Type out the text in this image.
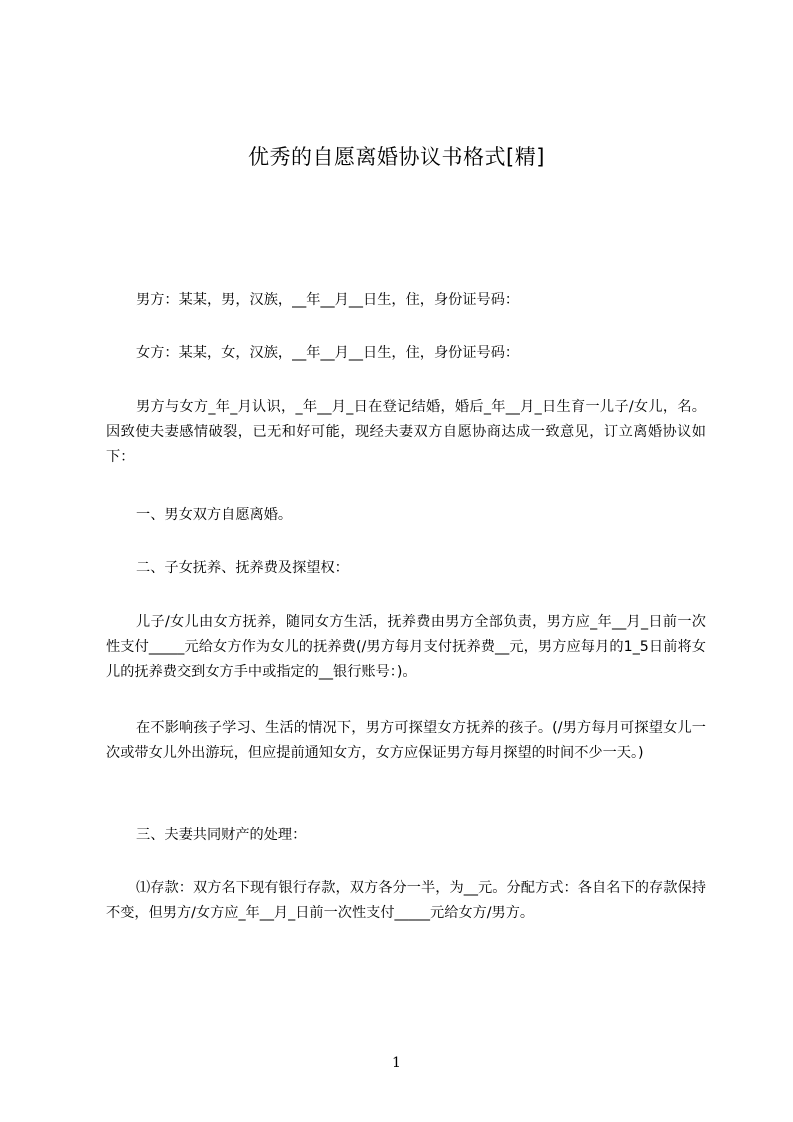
优秀的自愿离婚协议书格式[精]
男方：某某，男，汉族，__年__月__日生，住，身份证号码：
女方：某某，女，汉族，__年__月__日生，住，身份证号码：
男方与女方_年_月认识，_年__月_日在登记结婚，婚后_年__月_日生育一儿子/女儿，名。因致使夫妻感情破裂，已无和好可能，现经夫妻双方自愿协商达成一致意见，订立离婚协议如下：
一、男女双方自愿离婚。
二、子女抚养、抚养费及探望权：
儿子/女儿由女方抚养，随同女方生活，抚养费由男方全部负责，男方应_年__月_日前一次性支付_____元给女方作为女儿的抚养费(/男方每月支付抚养费__元，男方应每月的1_5日前将女儿的抚养费交到女方手中或指定的__银行账号：)。
在不影响孩子学习、生活的情况下，男方可探望女方抚养的孩子。(/男方每月可探望女儿一次或带女儿外出游玩，但应提前通知女方，女方应保证男方每月探望的时间不少一天。)
三、夫妻共同财产的处理：
⑴存款：双方名下现有银行存款，双方各分一半，为__元。分配方式：各自名下的存款保持不变，但男方/女方应_年__月_日前一次性支付_____元给女方/男方。
1
